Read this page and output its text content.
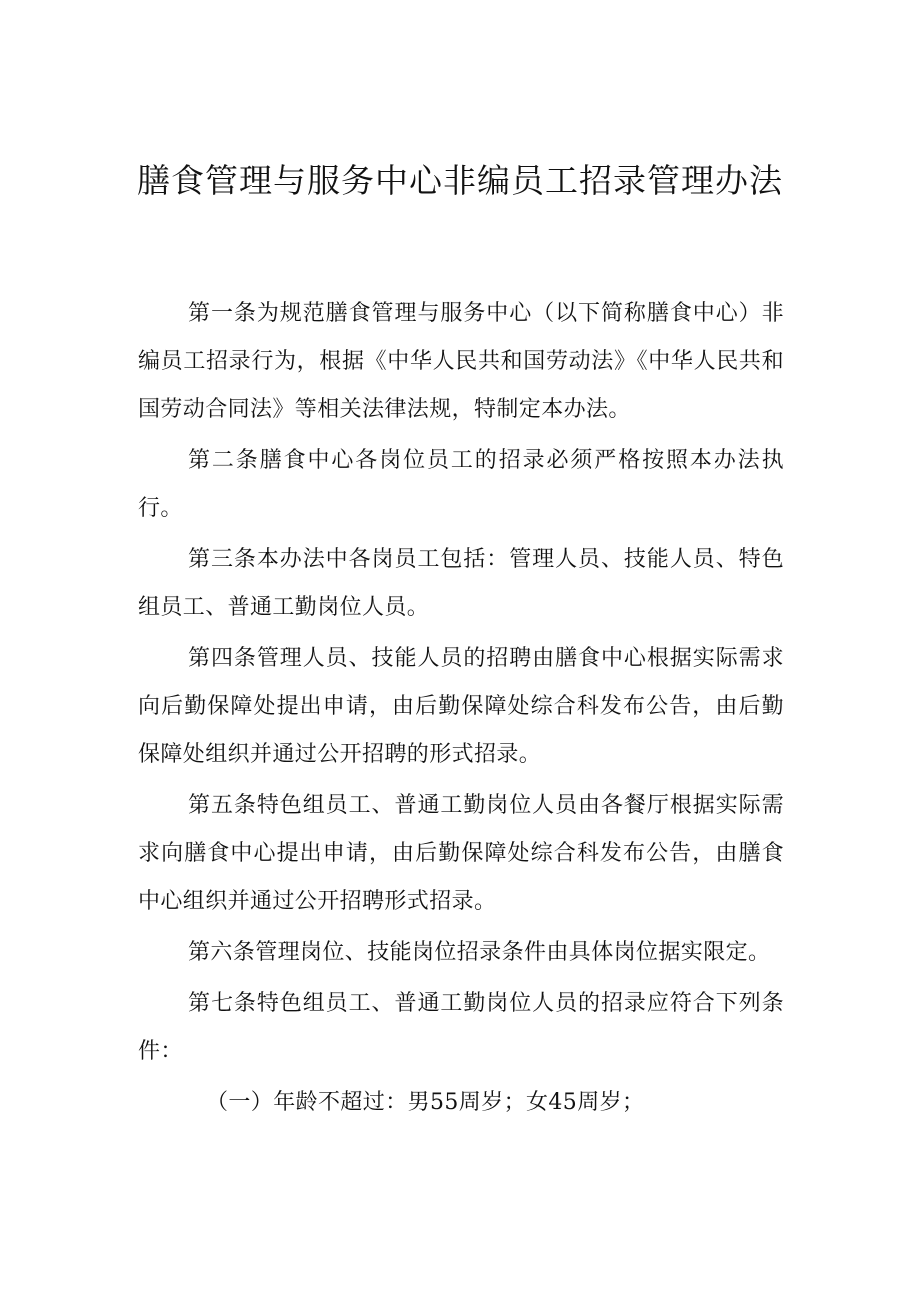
膳食管理与服务中心非编员工招录管理办法

第一条为规范膳食管理与服务中心（以下简称膳食中心）非编员工招录行为，根据《中华人民共和国劳动法》《中华人民共和国劳动合同法》等相关法律法规，特制定本办法。

第二条膳食中心各岗位员工的招录必须严格按照本办法执行。

第三条本办法中各岗员工包括：管理人员、技能人员、特色组员工、普通工勤岗位人员。

第四条管理人员、技能人员的招聘由膳食中心根据实际需求向后勤保障处提出申请，由后勤保障处综合科发布公告，由后勤保障处组织并通过公开招聘的形式招录。

第五条特色组员工、普通工勤岗位人员由各餐厅根据实际需求向膳食中心提出申请，由后勤保障处综合科发布公告，由膳食中心组织并通过公开招聘形式招录。

第六条管理岗位、技能岗位招录条件由具体岗位据实限定。

第七条特色组员工、普通工勤岗位人员的招录应符合下列条件：

（一）年龄不超过：男55周岁；女45周岁；
